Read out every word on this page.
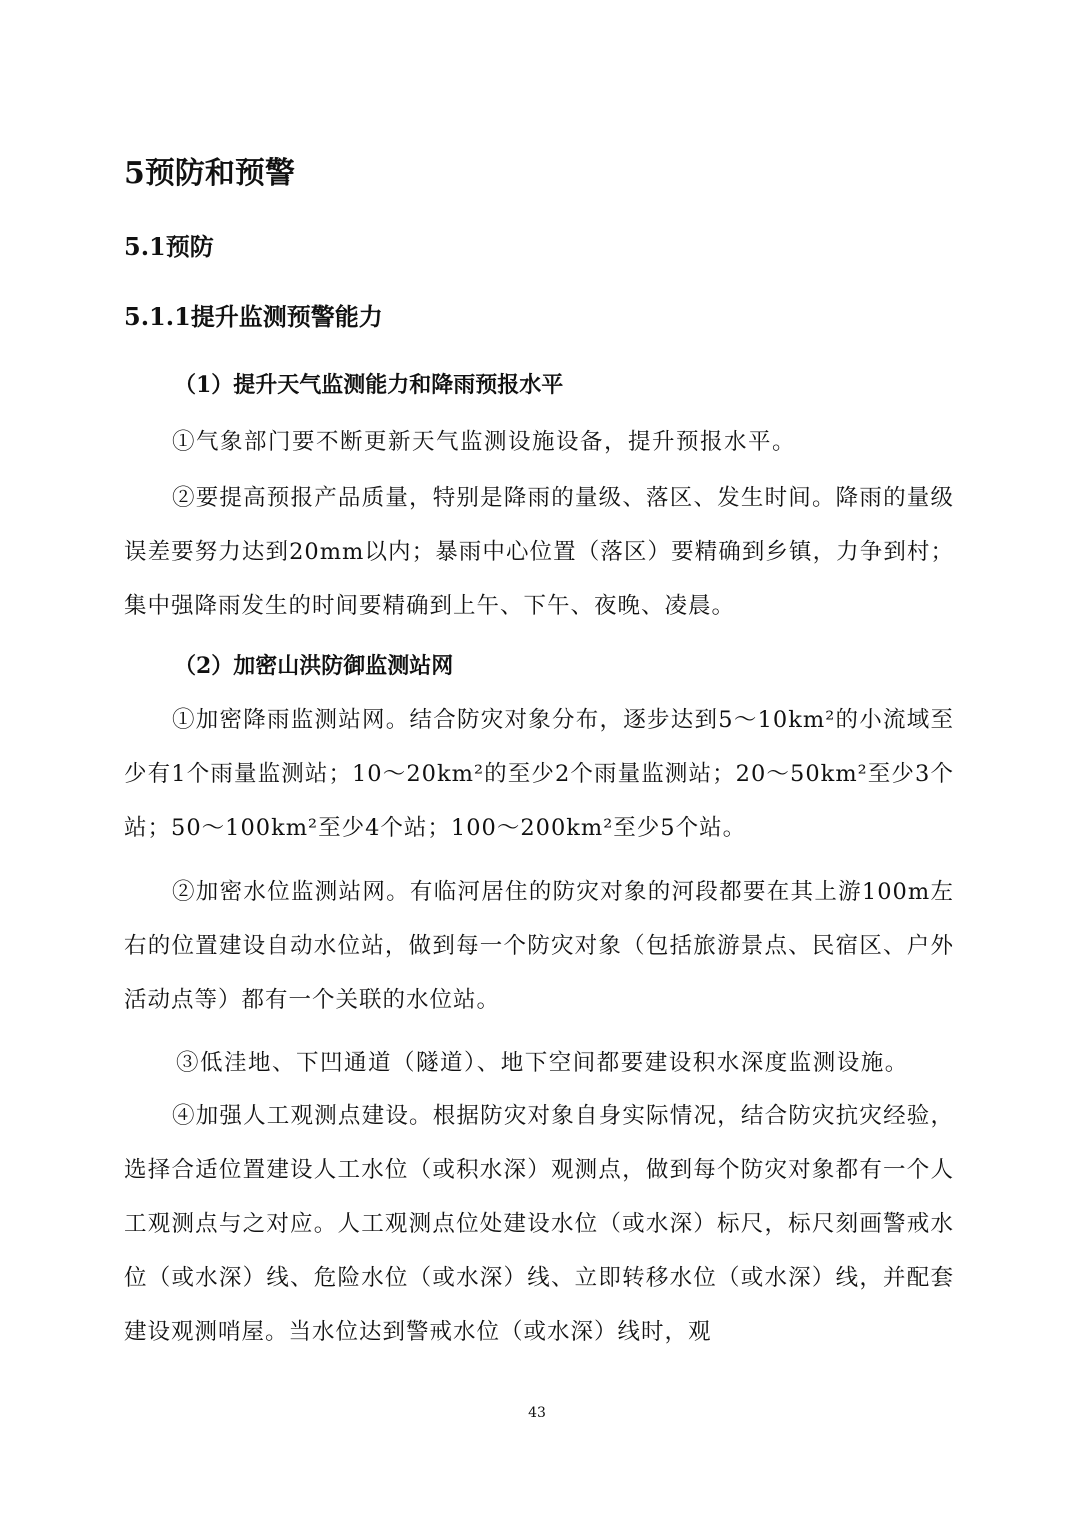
5预防和预警
5.1预防
5.1.1提升监测预警能力
（1）提升天气监测能力和降雨预报水平
①气象部门要不断更新天气监测设施设备，提升预报水平。
②要提高预报产品质量，特别是降雨的量级、落区、发生时间。降雨的量级误差要努力达到20mm以内；暴雨中心位置（落区）要精确到乡镇，力争到村；集中强降雨发生的时间要精确到上午、下午、夜晚、凌晨。
（2）加密山洪防御监测站网
①加密降雨监测站网。结合防灾对象分布，逐步达到5～10km²的小流域至少有1个雨量监测站；10～20km²的至少2个雨量监测站；20～50km²至少3个站；50～100km²至少4个站；100～200km²至少5个站。
②加密水位监测站网。有临河居住的防灾对象的河段都要在其上游100m左右的位置建设自动水位站，做到每一个防灾对象（包括旅游景点、民宿区、户外活动点等）都有一个关联的水位站。
③低洼地、下凹通道（隧道）、地下空间都要建设积水深度监测设施。
④加强人工观测点建设。根据防灾对象自身实际情况，结合防灾抗灾经验，选择合适位置建设人工水位（或积水深）观测点，做到每个防灾对象都有一个人工观测点与之对应。人工观测点位处建设水位（或水深）标尺，标尺刻画警戒水位（或水深）线、危险水位（或水深）线、立即转移水位（或水深）线，并配套建设观测哨屋。当水位达到警戒水位（或水深）线时，观
43
